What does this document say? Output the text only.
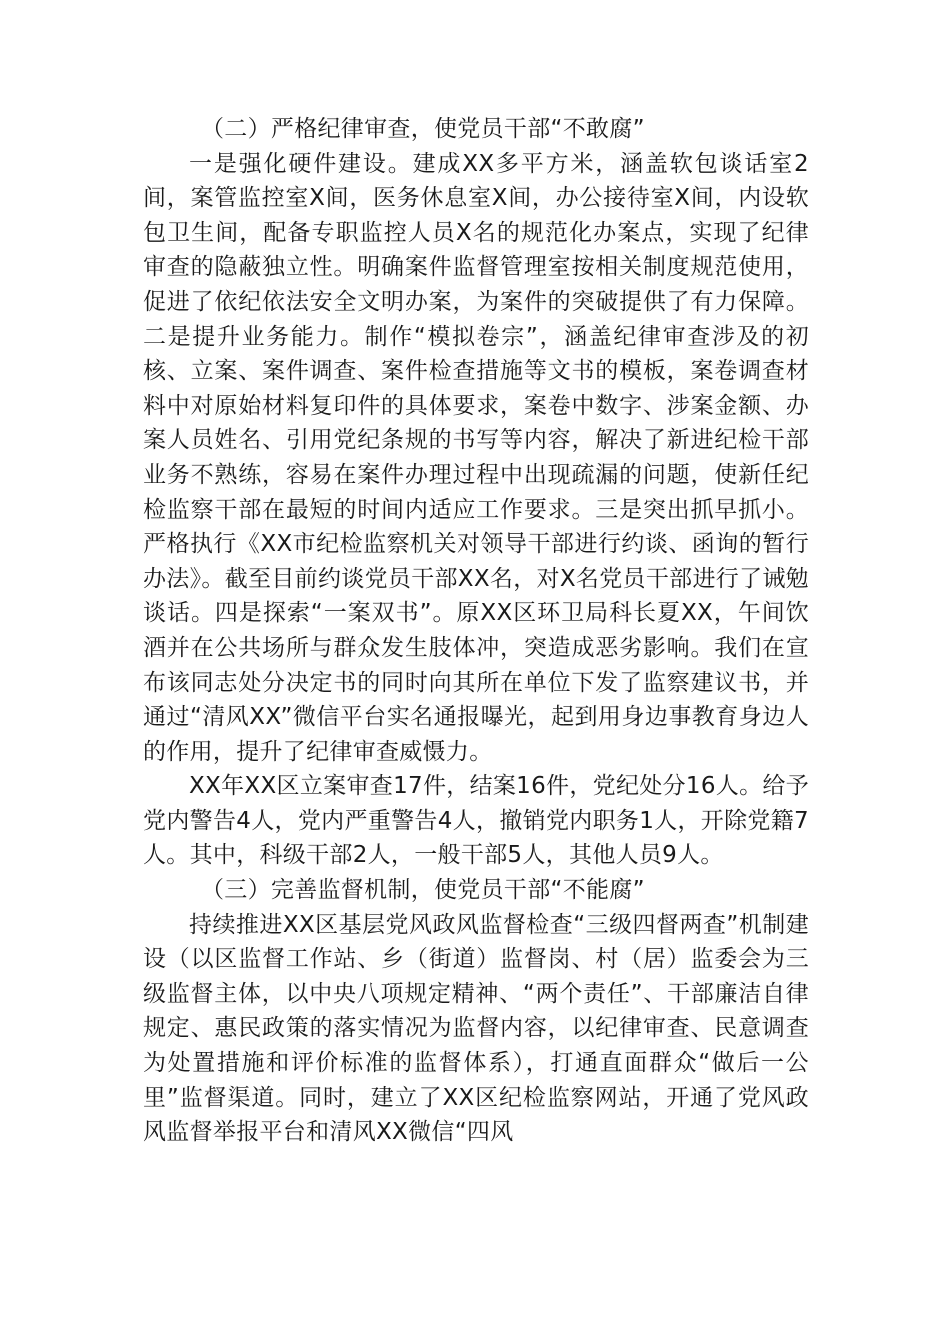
（二）严格纪律审查，使党员干部“不敢腐”

一是强化硬件建设。建成XX多平方米，涵盖软包谈话室2间，案管监控室X间，医务休息室X间，办公接待室X间，内设软包卫生间，配备专职监控人员X名的规范化办案点，实现了纪律审查的隐蔽独立性。明确案件监督管理室按相关制度规范使用，促进了依纪依法安全文明办案，为案件的突破提供了有力保障。二是提升业务能力。制作“模拟卷宗”，涵盖纪律审查涉及的初核、立案、案件调查、案件检查措施等文书的模板，案卷调查材料中对原始材料复印件的具体要求，案卷中数字、涉案金额、办案人员姓名、引用党纪条规的书写等内容，解决了新进纪检干部业务不熟练，容易在案件办理过程中出现疏漏的问题，使新任纪检监察干部在最短的时间内适应工作要求。三是突出抓早抓小。严格执行《XX市纪检监察机关对领导干部进行约谈、函询的暂行办法》。截至目前约谈党员干部XX名，对X名党员干部进行了诫勉谈话。四是探索“一案双书”。原XX区环卫局科长夏XX，午间饮酒并在公共场所与群众发生肢体冲，突造成恶劣影响。我们在宣布该同志处分决定书的同时向其所在单位下发了监察建议书，并通过“清风XX”微信平台实名通报曝光，起到用身边事教育身边人的作用，提升了纪律审查威慑力。

XX年XX区立案审查17件，结案16件，党纪处分16人。给予党内警告4人，党内严重警告4人，撤销党内职务1人，开除党籍7人。其中，科级干部2人，一般干部5人，其他人员9人。

（三）完善监督机制，使党员干部“不能腐”

持续推进XX区基层党风政风监督检查“三级四督两查”机制建设（以区监督工作站、乡（街道）监督岗、村（居）监委会为三级监督主体，以中央八项规定精神、“两个责任”、干部廉洁自律规定、惠民政策的落实情况为监督内容，以纪律审查、民意调查为处置措施和评价标准的监督体系），打通直面群众“做后一公里”监督渠道。同时，建立了XX区纪检监察网站，开通了党风政风监督举报平台和清风XX微信“四风
